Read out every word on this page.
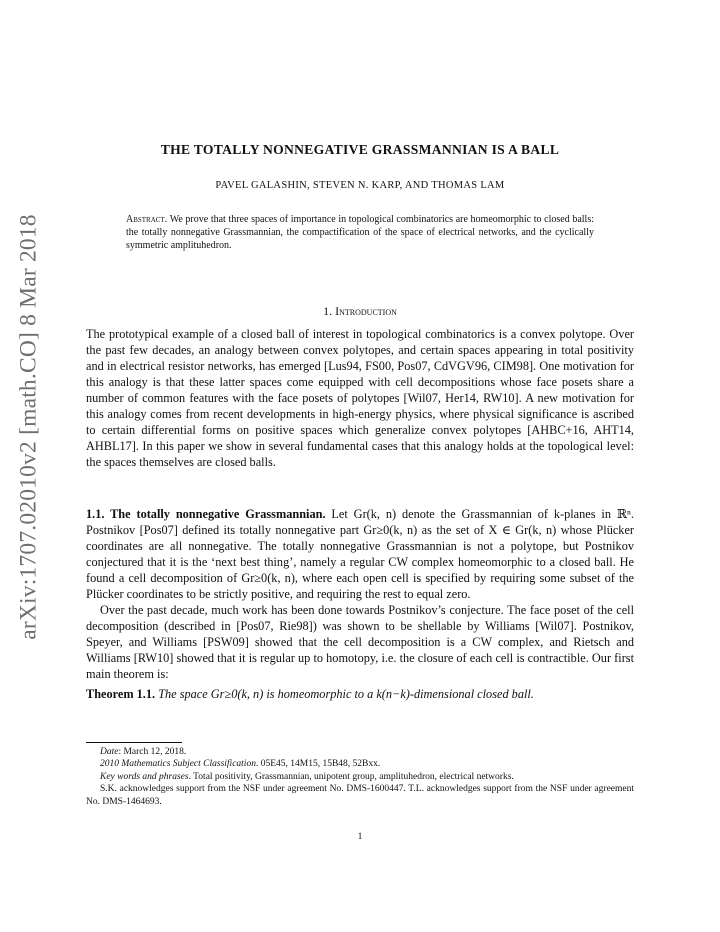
arXiv:1707.02010v2 [math.CO] 8 Mar 2018
THE TOTALLY NONNEGATIVE GRASSMANNIAN IS A BALL
PAVEL GALASHIN, STEVEN N. KARP, AND THOMAS LAM
Abstract. We prove that three spaces of importance in topological combinatorics are homeomorphic to closed balls: the totally nonnegative Grassmannian, the compactification of the space of electrical networks, and the cyclically symmetric amplituhedron.
1. Introduction

The prototypical example of a closed ball of interest in topological combinatorics is a convex polytope. Over the past few decades, an analogy between convex polytopes, and certain spaces appearing in total positivity and in electrical resistor networks, has emerged [Lus94, FS00, Pos07, CdVGV96, CIM98]. One motivation for this analogy is that these latter spaces come equipped with cell decompositions whose face posets share a number of common features with the face posets of polytopes [Wil07, Her14, RW10]. A new motivation for this analogy comes from recent developments in high-energy physics, where physical significance is ascribed to certain differential forms on positive spaces which generalize convex polytopes [AHBC+16, AHT14, AHBL17]. In this paper we show in several fundamental cases that this analogy holds at the topological level: the spaces themselves are closed balls.

1.1. The totally nonnegative Grassmannian. Let Gr(k, n) denote the Grassmannian of k-planes in ℝⁿ. Postnikov [Pos07] defined its totally nonnegative part Gr≥0(k, n) as the set of X ∈ Gr(k, n) whose Plücker coordinates are all nonnegative. The totally nonnegative Grassmannian is not a polytope, but Postnikov conjectured that it is the ‘next best thing’, namely a regular CW complex homeomorphic to a closed ball. He found a cell decomposition of Gr≥0(k, n), where each open cell is specified by requiring some subset of the Plücker coordinates to be strictly positive, and requiring the rest to equal zero.

Over the past decade, much work has been done towards Postnikov’s conjecture. The face poset of the cell decomposition (described in [Pos07, Rie98]) was shown to be shellable by Williams [Wil07]. Postnikov, Speyer, and Williams [PSW09] showed that the cell decomposition is a CW complex, and Rietsch and Williams [RW10] showed that it is regular up to homotopy, i.e. the closure of each cell is contractible. Our first main theorem is:

Theorem 1.1. The space Gr≥0(k, n) is homeomorphic to a k(n−k)-dimensional closed ball.

Date: March 12, 2018.

2010 Mathematics Subject Classification. 05E45, 14M15, 15B48, 52Bxx.

Key words and phrases. Total positivity, Grassmannian, unipotent group, amplituhedron, electrical networks.

S.K. acknowledges support from the NSF under agreement No. DMS-1600447. T.L. acknowledges support from the NSF under agreement No. DMS-1464693.

1
